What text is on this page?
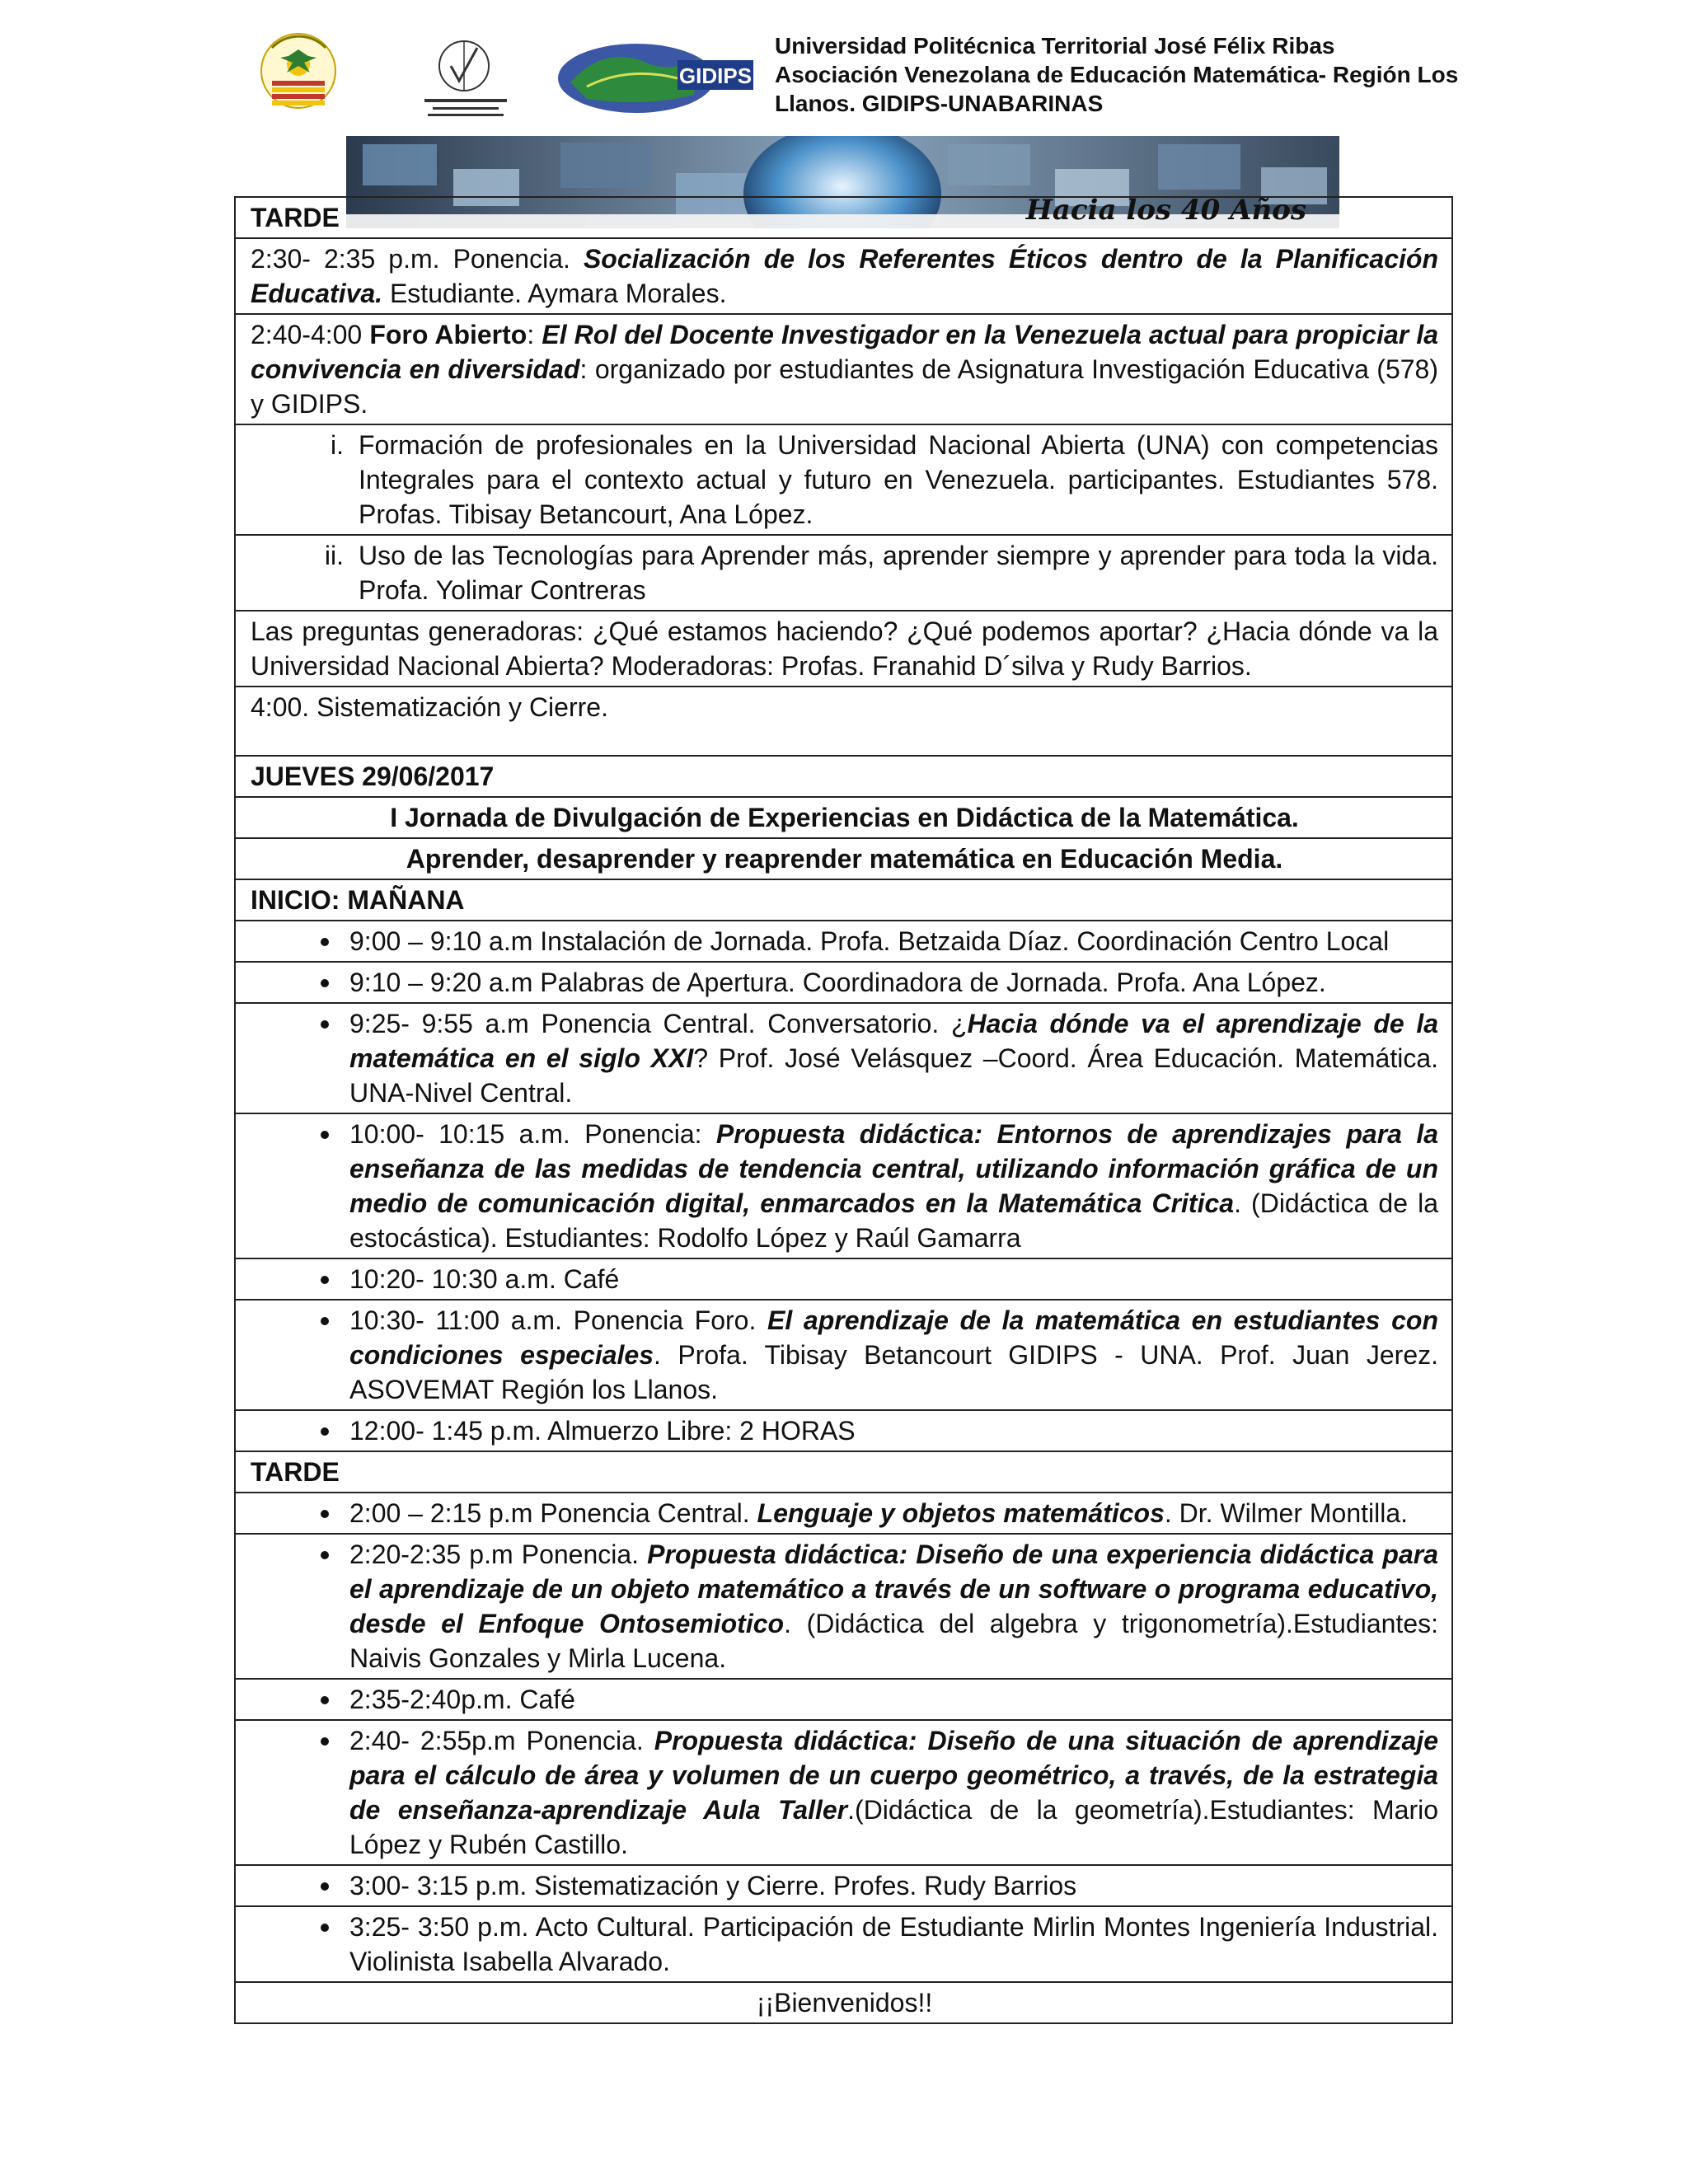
GIDIPS
Universidad Politécnica Territorial José Félix Ribas
Asociación Venezolana de Educación Matemática- Región Los
Llanos. GIDIPS-UNABARINAS
Hacia los 40 Años
TARDE
2:30- 2:35 p.m. Ponencia. Socialización de los Referentes Éticos dentro de la Planificación Educativa. Estudiante. Aymara Morales.
2:40-4:00 Foro Abierto: El Rol del Docente Investigador en la Venezuela actual para propiciar la convivencia en diversidad: organizado por estudiantes de Asignatura Investigación Educativa (578) y GIDIPS.

i. Formación de profesionales en la Universidad Nacional Abierta (UNA) con competencias Integrales para el contexto actual y futuro en Venezuela. participantes. Estudiantes 578. Profas. Tibisay Betancourt, Ana López.

ii. Uso de las Tecnologías para Aprender más, aprender siempre y aprender para toda la vida. Profa. Yolimar Contreras

Las preguntas generadoras: ¿Qué estamos haciendo? ¿Qué podemos aportar? ¿Hacia dónde va la Universidad Nacional Abierta? Moderadoras: Profas. Franahid D´silva y Rudy Barrios.
4:00. Sistematización y Cierre.
JUEVES 29/06/2017
I Jornada de Divulgación de Experiencias en Didáctica de la Matemática.
Aprender, desaprender y reaprender matemática en Educación Media.
INICIO: MAÑANA

9:00 – 9:10 a.m Instalación de Jornada. Profa. Betzaida Díaz. Coordinación Centro Local

9:10 – 9:20 a.m Palabras de Apertura. Coordinadora de Jornada. Profa. Ana López.

9:25- 9:55 a.m Ponencia Central. Conversatorio. ¿Hacia dónde va el aprendizaje de la matemática en el siglo XXI? Prof. José Velásquez –Coord. Área Educación. Matemática. UNA-Nivel Central.

10:00- 10:15 a.m. Ponencia: Propuesta didáctica: Entornos de aprendizajes para la enseñanza de las medidas de tendencia central, utilizando información gráfica de un medio de comunicación digital, enmarcados en la Matemática Critica. (Didáctica de la estocástica). Estudiantes: Rodolfo López y Raúl Gamarra

10:20- 10:30 a.m. Café

10:30- 11:00 a.m. Ponencia Foro. El aprendizaje de la matemática en estudiantes con condiciones especiales. Profa. Tibisay Betancourt GIDIPS - UNA. Prof. Juan Jerez. ASOVEMAT Región los Llanos.

12:00- 1:45 p.m. Almuerzo Libre: 2 HORAS

TARDE

2:00 – 2:15 p.m Ponencia Central. Lenguaje y objetos matemáticos. Dr. Wilmer Montilla.

2:20-2:35 p.m Ponencia. Propuesta didáctica: Diseño de una experiencia didáctica para el aprendizaje de un objeto matemático a través de un software o programa educativo, desde el Enfoque Ontosemiotico. (Didáctica del algebra y trigonometría).Estudiantes: Naivis Gonzales y Mirla Lucena.

2:35-2:40p.m. Café

2:40- 2:55p.m Ponencia. Propuesta didáctica: Diseño de una situación de aprendizaje para el cálculo de área y volumen de un cuerpo geométrico, a través, de la estrategia de enseñanza-aprendizaje Aula Taller.(Didáctica de la geometría).Estudiantes: Mario López y Rubén Castillo.

3:00- 3:15 p.m. Sistematización y Cierre. Profes. Rudy Barrios

3:25- 3:50 p.m. Acto Cultural. Participación de Estudiante Mirlin Montes Ingeniería Industrial. Violinista Isabella Alvarado.

¡¡Bienvenidos!!
